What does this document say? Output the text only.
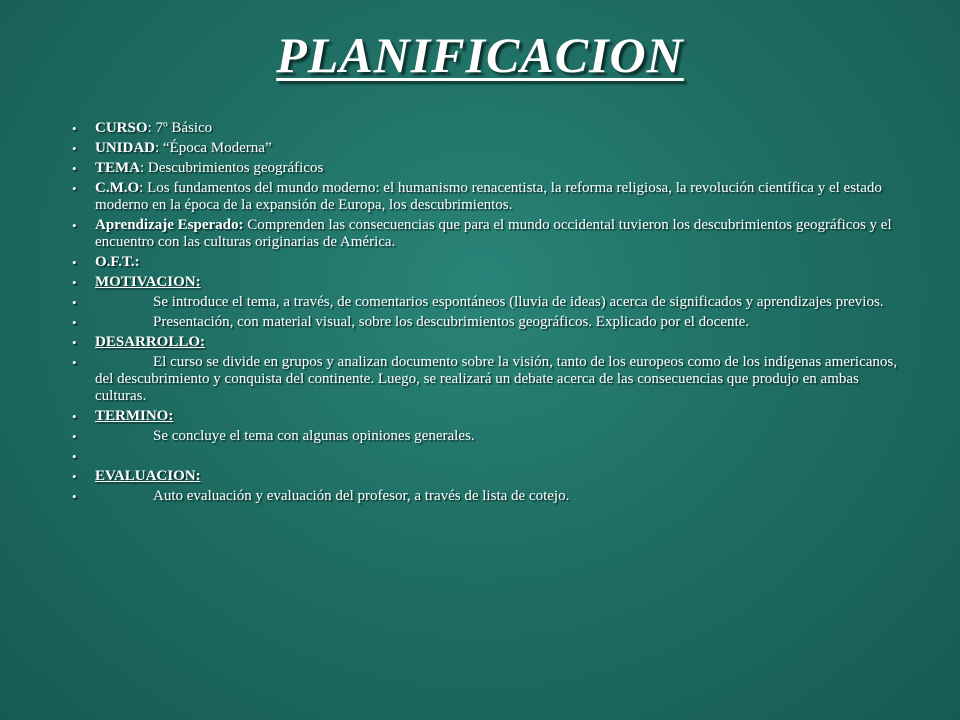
PLANIFICACION
• CURSO: 7º Básico
• UNIDAD: “Época Moderna”
• TEMA: Descubrimientos geográficos
• C.M.O: Los fundamentos del mundo moderno: el humanismo renacentista, la reforma religiosa, la revolución científica y el estado moderno en la época de la expansión de Europa, los descubrimientos.
• Aprendizaje Esperado: Comprenden las consecuencias que para el mundo occidental tuvieron los descubrimientos geográficos y el encuentro con las culturas originarias de América.
• O.F.T.:
• MOTIVACION:
•	Se introduce el tema, a través, de comentarios espontáneos (lluvia de ideas) acerca de significados y aprendizajes previos.
•	Presentación, con material visual, sobre los descubrimientos geográficos. Explicado por el docente.
• DESARROLLO:
•	El curso se divide en grupos y analizan documento sobre la visión, tanto de los europeos como de los indígenas americanos, del descubrimiento y conquista del continente. Luego, se realizará un debate acerca de las consecuencias que produjo en ambas culturas.
• TERMINO:
•	Se concluye el tema con algunas opiniones generales.
•
• EVALUACION:
•	Auto evaluación y evaluación del profesor, a través de lista de cotejo.
